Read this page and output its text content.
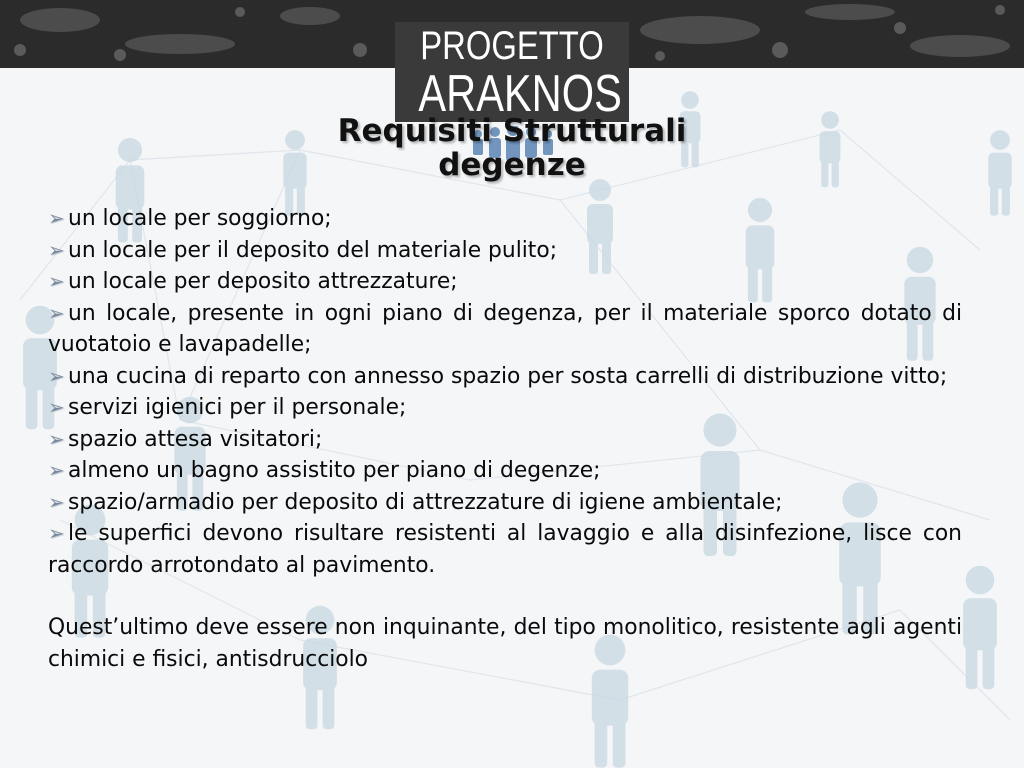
PROGETTO
ARAKNOS
Requisiti Strutturali
degenze

➢ un locale per soggiorno;

➢ un locale per il deposito del materiale pulito;

➢ un locale per deposito attrezzature;

➢ un locale, presente in ogni piano di degenza, per il materiale sporco dotato di vuotatoio e lavapadelle;

➢ una cucina di reparto con annesso spazio per sosta carrelli di distribuzione vitto;

➢ servizi igienici per il personale;

➢ spazio attesa visitatori;

➢ almeno un bagno assistito per piano di degenze;

➢ spazio/armadio per deposito di attrezzature di igiene ambientale;

➢ le superfici devono risultare resistenti al lavaggio e alla disinfezione, lisce con raccordo arrotondato al pavimento.

Quest’ultimo deve essere non inquinante, del tipo monolitico, resistente agli agenti chimici e fisici, antisdrucciolo
